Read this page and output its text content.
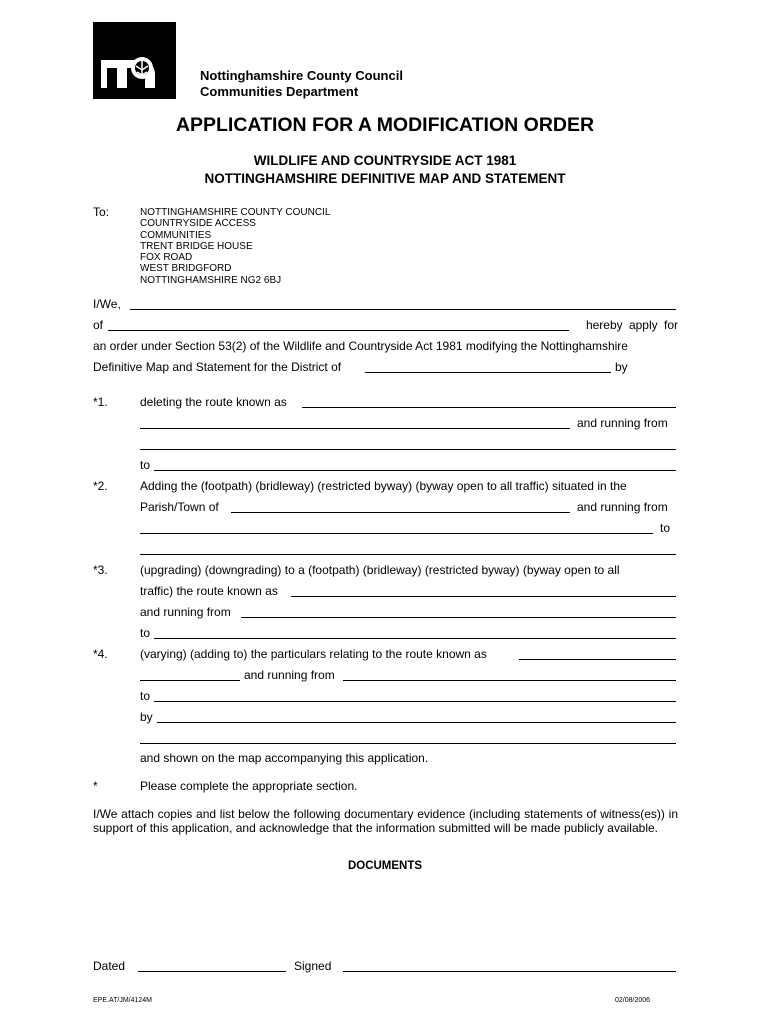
Nottinghamshire County Council
Communities Department
APPLICATION FOR A MODIFICATION ORDER
WILDLIFE AND COUNTRYSIDE ACT 1981
NOTTINGHAMSHIRE DEFINITIVE MAP AND STATEMENT
To:	NOTTINGHAMSHIRE COUNTY COUNCIL
COUNTRYSIDE ACCESS
COMMUNITIES
TRENT BRIDGE HOUSE
FOX ROAD
WEST BRIDGFORD
NOTTINGHAMSHIRE NG2 6BJ
I/We,
of	hereby apply for
an order under Section 53(2) of the Wildlife and Countryside Act 1981 modifying the Nottinghamshire
Definitive Map and Statement for the District of	by
*1.	deleting the route known as
and running from
to
*2.	Adding the (footpath) (bridleway) (restricted byway) (byway open to all traffic) situated in the
Parish/Town of	and running from
to
*3.	(upgrading) (downgrading) to a (footpath) (bridleway) (restricted byway) (byway open to all
traffic) the route known as
and running from
to
*4.	(varying) (adding to) the particulars relating to the route known as
and running from
to
by
and shown on the map accompanying this application.
*	Please complete the appropriate section.
I/We attach copies and list below the following documentary evidence (including statements of witness(es)) in support of this application, and acknowledge that the information submitted will be made publicly available.
DOCUMENTS
Dated	Signed
EPE.AT/JM/4124M	02/08/2006
